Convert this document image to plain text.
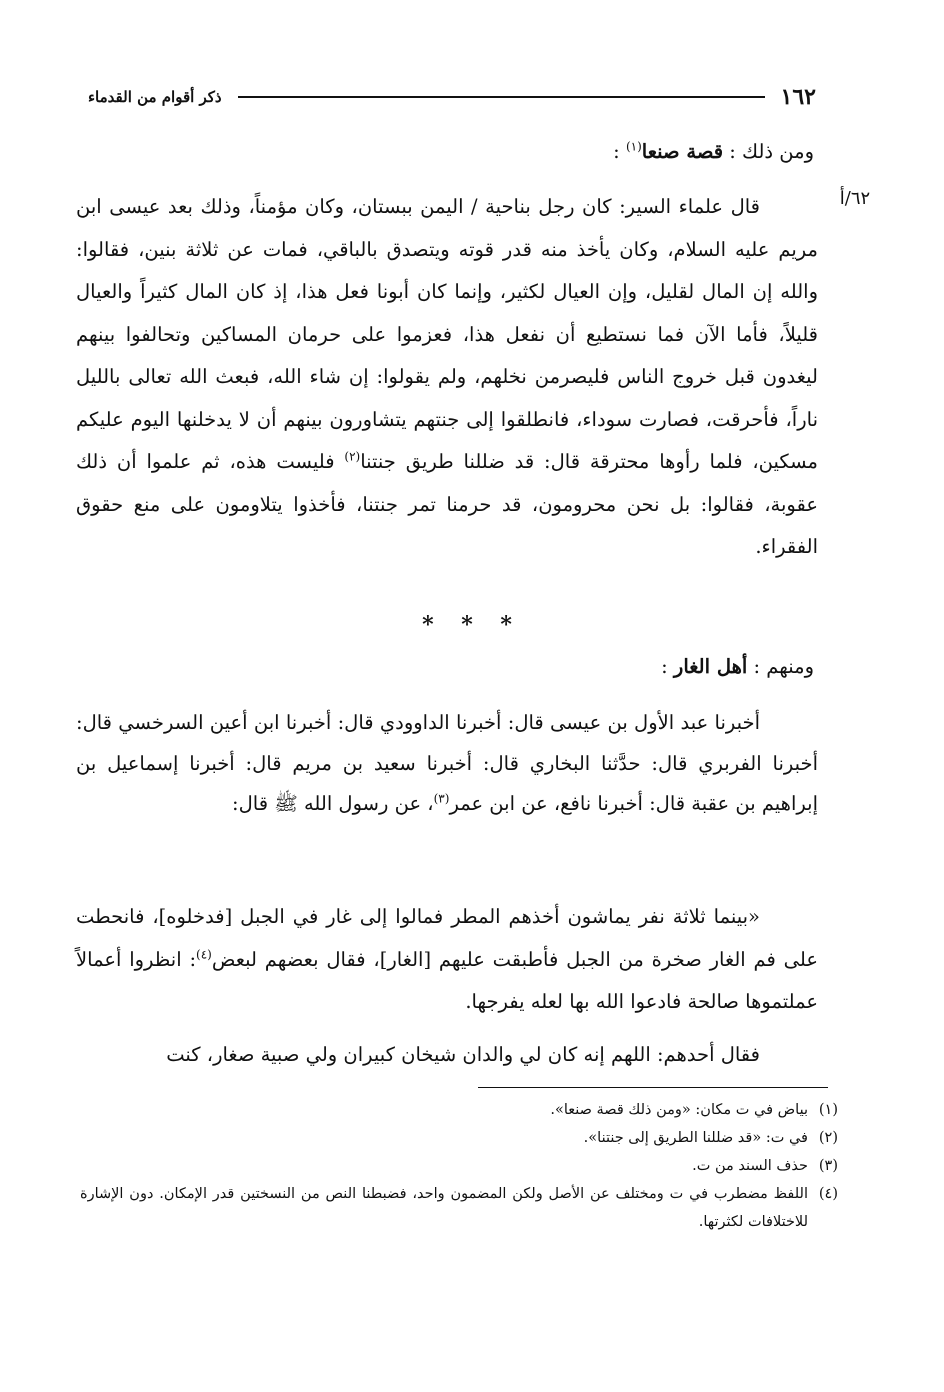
١٦٢
ذكر أقوام من القدماء
ومن ذلك : قصة صنعا$^{(١)}$ :
٦٢/أ

قال علماء السير: كان رجل بناحية / اليمن ببستان، وكان مؤمناً، وذلك بعد عيسى ابن مريم عليه السلام، وكان يأخذ منه قدر قوته ويتصدق بالباقي، فمات عن ثلاثة بنين، فقالوا: والله إن المال لقليل، وإن العيال لكثير، وإنما كان أبونا فعل هذا، إذ كان المال كثيراً والعيال قليلاً، فأما الآن فما نستطيع أن نفعل هذا، فعزموا على حرمان المساكين وتحالفوا بينهم ليغدون قبل خروج الناس فليصرمن نخلهم، ولم يقولوا: إن شاء الله، فبعث الله تعالى بالليل ناراً، فأحرقت، فصارت سوداء، فانطلقوا إلى جنتهم يتشاورون بينهم أن لا يدخلنها اليوم عليكم مسكين، فلما رأوها محترقة قال: قد ضللنا طريق جنتنا$^{(٢)}$ فليست هذه، ثم علموا أن ذلك عقوبة، فقالوا: بل نحن محرومون، قد حرمنا تمر جنتنا، فأخذوا يتلاومون على منع حقوق الفقراء.

* * *
ومنهم : أهل الغار :

أخبرنا عبد الأول بن عيسى قال: أخبرنا الداوودي قال: أخبرنا ابن أعين السرخسي قال: أخبرنا الفربري قال: حدَّثنا البخاري قال: أخبرنا سعيد بن مريم قال: أخبرنا إسماعيل بن إبراهيم بن عقبة قال: أخبرنا نافع، عن ابن عمر$^{(٣)}$، عن رسول الله ﷺ قال:

«بينما ثلاثة نفر يماشون أخذهم المطر فمالوا إلى غار في الجبل [فدخلوه]، فانحطت على فم الغار صخرة من الجبل فأطبقت عليهم [الغار]، فقال بعضهم لبعض$^{(٤)}$: انظروا أعمالاً عملتموها صالحة فادعوا الله بها لعله يفرجها.

فقال أحدهم: اللهم إنه كان لي والدان شيخان كبيران ولي صبية صغار، كنت

(١)بياض في ت مكان: «ومن ذلك قصة صنعا».

(٢)في ت: «قد ضللنا الطريق إلى جنتنا».

(٣)حذف السند من ت.

(٤)اللفظ مضطرب في ت ومختلف عن الأصل ولكن المضمون واحد، فضبطنا النص من النسختين قدر الإمكان. دون الإشارة للاختلافات لكثرتها.
